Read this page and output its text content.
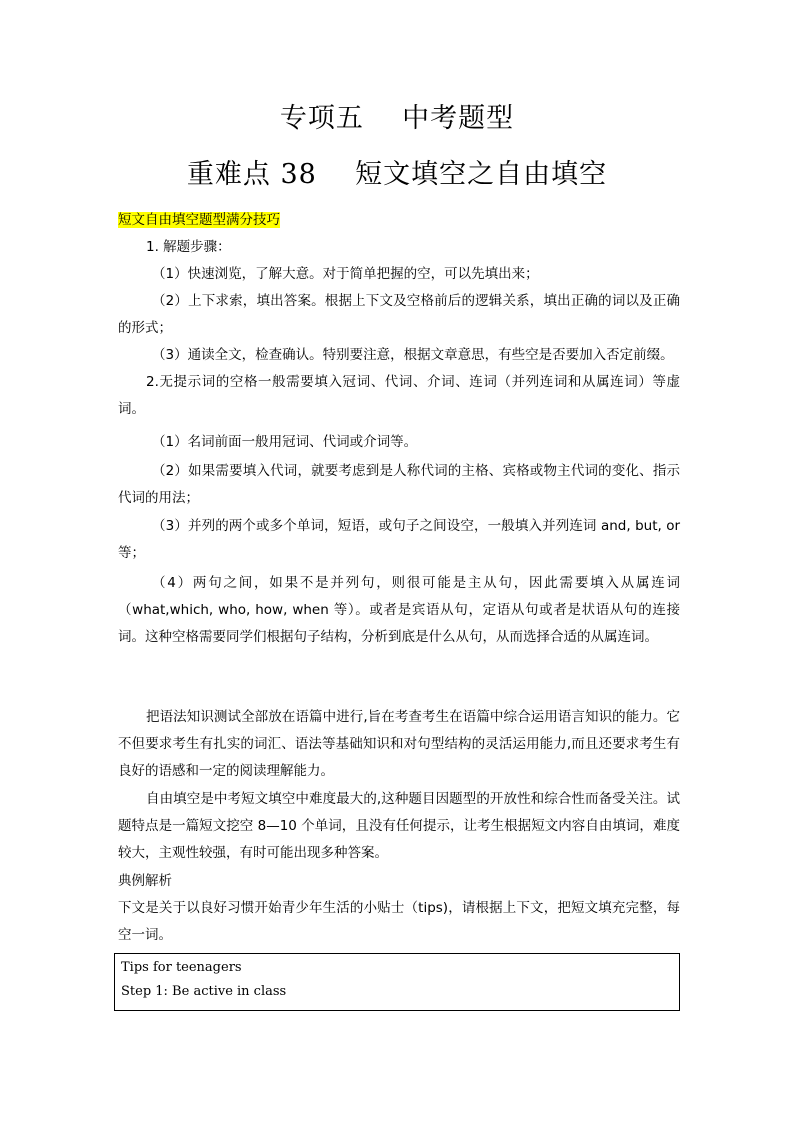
专项五    中考题型
重难点 38    短文填空之自由填空
短文自由填空题型满分技巧
1. 解题步骤：
（1）快速浏览，了解大意。对于简单把握的空，可以先填出来；
（2）上下求索，填出答案。根据上下文及空格前后的逻辑关系，填出正确的词以及正确的形式；
（3）通读全文，检查确认。特别要注意，根据文章意思，有些空是否要加入否定前缀。
2.无提示词的空格一般需要填入冠词、代词、介词、连词（并列连词和从属连词）等虚词。
（1）名词前面一般用冠词、代词或介词等。
（2）如果需要填入代词，就要考虑到是人称代词的主格、宾格或物主代词的变化、指示代词的用法；
（3）并列的两个或多个单词，短语，或句子之间设空，一般填入并列连词 and, but, or 等；
（4）两句之间，如果不是并列句，则很可能是主从句，因此需要填入从属连词（what,which, who, how, when 等）。或者是宾语从句，定语从句或者是状语从句的连接词。这种空格需要同学们根据句子结构，分析到底是什么从句，从而选择合适的从属连词。
把语法知识测试全部放在语篇中进行,旨在考查考生在语篇中综合运用语言知识的能力。它不但要求考生有扎实的词汇、语法等基础知识和对句型结构的灵活运用能力,而且还要求考生有良好的语感和一定的阅读理解能力。
自由填空是中考短文填空中难度最大的,这种题目因题型的开放性和综合性而备受关注。试题特点是一篇短文挖空 8—10 个单词，且没有任何提示，让考生根据短文内容自由填词，难度较大，主观性较强，有时可能出现多种答案。
典例解析
下文是关于以良好习惯开始青少年生活的小贴士（tips)，请根据上下文，把短文填充完整，每空一词。
Tips for teenagers
Step 1: Be active in class
